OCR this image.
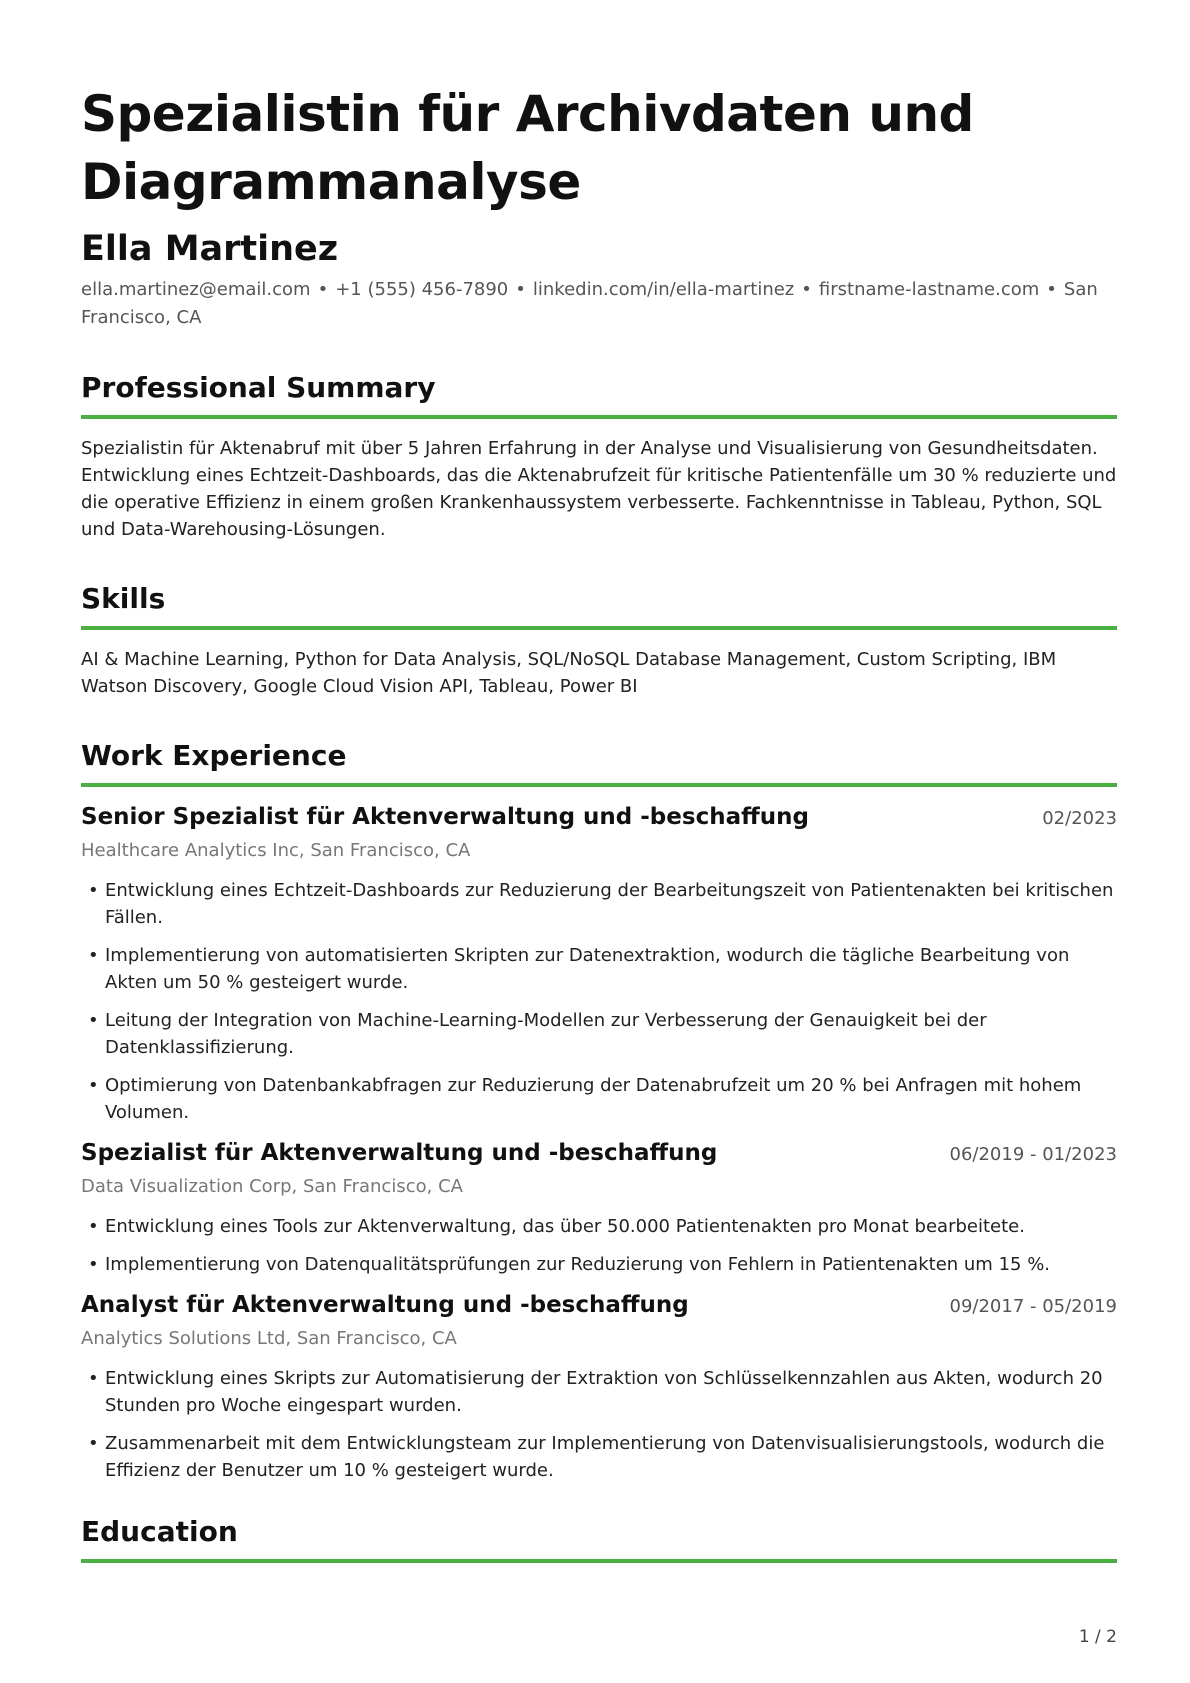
Spezialistin für Archivdaten und Diagrammanalyse
Ella Martinez
ella.martinez@email.com • +1 (555) 456-7890 • linkedin.com/in/ella-martinez • firstname-lastname.com • San Francisco, CA
Professional Summary
Spezialistin für Aktenabruf mit über 5 Jahren Erfahrung in der Analyse und Visualisierung von Gesundheitsdaten. Entwicklung eines Echtzeit-Dashboards, das die Aktenabrufzeit für kritische Patientenfälle um 30 % reduzierte und die operative Effizienz in einem großen Krankenhaussystem verbesserte. Fachkenntnisse in Tableau, Python, SQL und Data-Warehousing-Lösungen.
Skills
AI & Machine Learning, Python for Data Analysis, SQL/NoSQL Database Management, Custom Scripting, IBM Watson Discovery, Google Cloud Vision API, Tableau, Power BI
Work Experience
Senior Spezialist für Aktenverwaltung und -beschaffung	02/2023
Healthcare Analytics Inc, San Francisco, CA
• Entwicklung eines Echtzeit-Dashboards zur Reduzierung der Bearbeitungszeit von Patientenakten bei kritischen Fällen.
• Implementierung von automatisierten Skripten zur Datenextraktion, wodurch die tägliche Bearbeitung von Akten um 50 % gesteigert wurde.
• Leitung der Integration von Machine-Learning-Modellen zur Verbesserung der Genauigkeit bei der Datenklassifizierung.
• Optimierung von Datenbankabfragen zur Reduzierung der Datenabrufzeit um 20 % bei Anfragen mit hohem Volumen.
Spezialist für Aktenverwaltung und -beschaffung	06/2019 - 01/2023
Data Visualization Corp, San Francisco, CA
• Entwicklung eines Tools zur Aktenverwaltung, das über 50.000 Patientenakten pro Monat bearbeitete.
• Implementierung von Datenqualitätsprüfungen zur Reduzierung von Fehlern in Patientenakten um 15 %.
Analyst für Aktenverwaltung und -beschaffung	09/2017 - 05/2019
Analytics Solutions Ltd, San Francisco, CA
• Entwicklung eines Skripts zur Automatisierung der Extraktion von Schlüsselkennzahlen aus Akten, wodurch 20 Stunden pro Woche eingespart wurden.
• Zusammenarbeit mit dem Entwicklungsteam zur Implementierung von Datenvisualisierungstools, wodurch die Effizienz der Benutzer um 10 % gesteigert wurde.
Education
1 / 2
